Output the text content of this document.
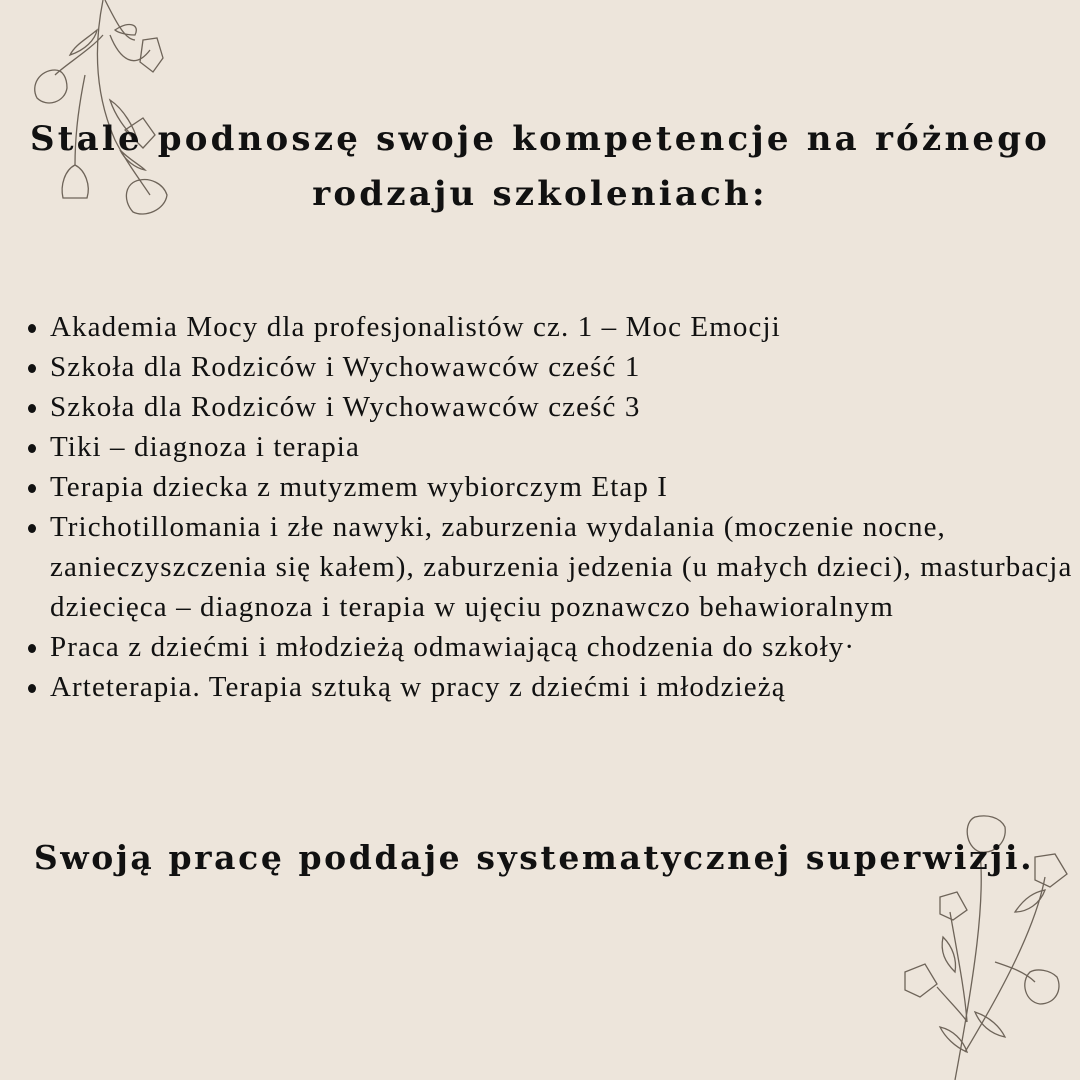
Stale podnoszę swoje kompetencje na różnego rodzaju szkoleniach:
Akademia Mocy dla profesjonalistów cz. 1 – Moc Emocji
Szkoła dla Rodziców i Wychowawców cześć 1
Szkoła dla Rodziców i Wychowawców cześć 3
Tiki – diagnoza i terapia
Terapia dziecka z mutyzmem wybiorczym Etap I
Trichotillomania i złe nawyki, zaburzenia wydalania (moczenie nocne, zanieczyszczenia się kałem), zaburzenia jedzenia (u małych dzieci), masturbacja dziecięca – diagnoza i terapia w ujęciu poznawczo behawioralnym
Praca z dziećmi i młodzieżą odmawiającą chodzenia do szkoły·
Arteterapia. Terapia sztuką w pracy z dziećmi i młodzieżą
Swoją pracę poddaje systematycznej superwizji.
